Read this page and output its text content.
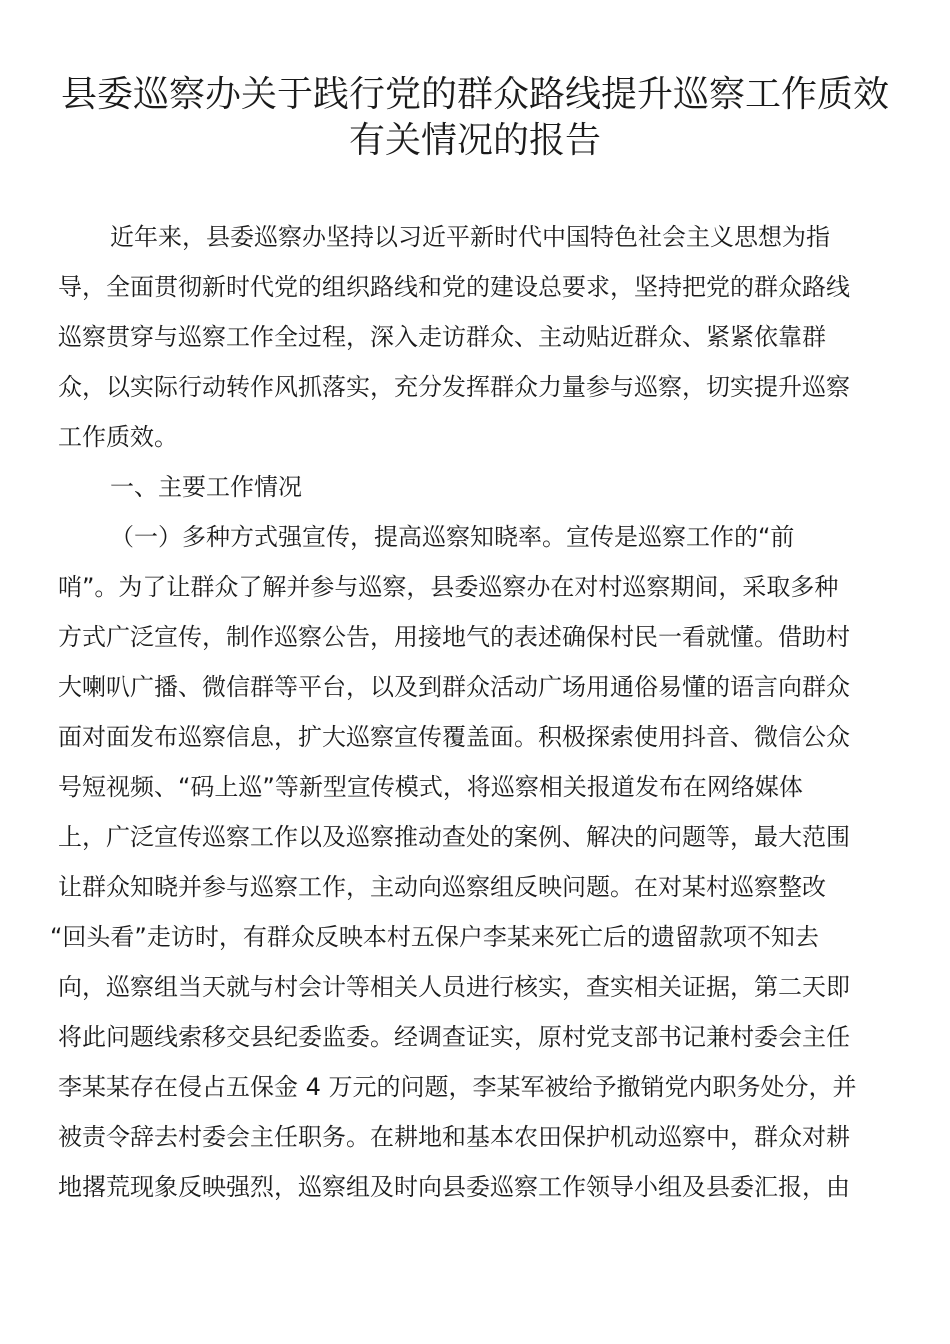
县委巡察办关于践行党的群众路线提升巡察工作质效
有关情况的报告
近年来，县委巡察办坚持以习近平新时代中国特色社会主义思想为指
导，全面贯彻新时代党的组织路线和党的建设总要求，坚持把党的群众路线
巡察贯穿与巡察工作全过程，深入走访群众、主动贴近群众、紧紧依靠群
众，以实际行动转作风抓落实，充分发挥群众力量参与巡察，切实提升巡察
工作质效。
一、主要工作情况
（一）多种方式强宣传，提高巡察知晓率。宣传是巡察工作的“前
哨”。为了让群众了解并参与巡察，县委巡察办在对村巡察期间，采取多种
方式广泛宣传，制作巡察公告，用接地气的表述确保村民一看就懂。借助村
大喇叭广播、微信群等平台，以及到群众活动广场用通俗易懂的语言向群众
面对面发布巡察信息，扩大巡察宣传覆盖面。积极探索使用抖音、微信公众
号短视频、“码上巡”等新型宣传模式，将巡察相关报道发布在网络媒体
上，广泛宣传巡察工作以及巡察推动查处的案例、解决的问题等，最大范围
让群众知晓并参与巡察工作，主动向巡察组反映问题。在对某村巡察整改
“回头看”走访时，有群众反映本村五保户李某来死亡后的遗留款项不知去
向，巡察组当天就与村会计等相关人员进行核实，查实相关证据，第二天即
将此问题线索移交县纪委监委。经调查证实，原村党支部书记兼村委会主任
李某某存在侵占五保金 4 万元的问题，李某军被给予撤销党内职务处分，并
被责令辞去村委会主任职务。在耕地和基本农田保护机动巡察中，群众对耕
地撂荒现象反映强烈，巡察组及时向县委巡察工作领导小组及县委汇报，由
